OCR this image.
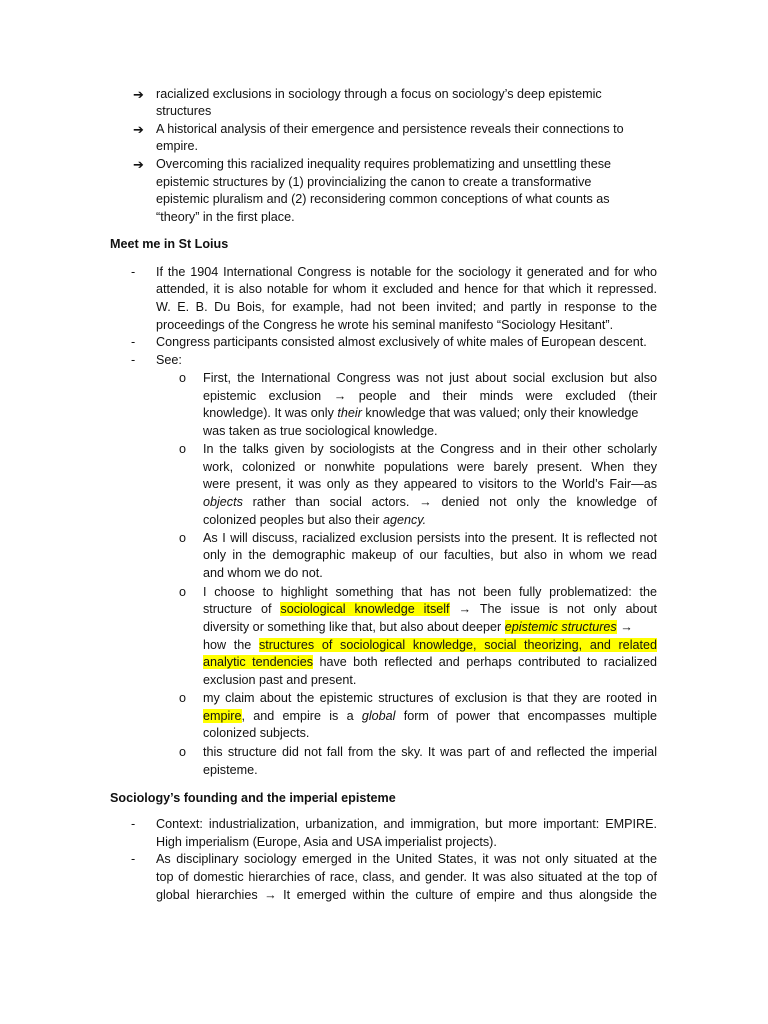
➔ racialized exclusions in sociology through a focus on sociology’s deep epistemic
structures
➔ A historical analysis of their emergence and persistence reveals their connections to
empire.
➔ Overcoming this racialized inequality requires problematizing and unsettling these
epistemic structures by (1) provincializing the canon to create a transformative
epistemic pluralism and (2) reconsidering common conceptions of what counts as
“theory” in the first place.
Meet me in St Loius
- If the 1904 International Congress is notable for the sociology it generated and for who
attended, it is also notable for whom it excluded and hence for that which it repressed.
W. E. B. Du Bois, for example, had not been invited; and partly in response to the
proceedings of the Congress he wrote his seminal manifesto “Sociology Hesitant”.
- Congress participants consisted almost exclusively of white males of European descent.
- See:
o First, the International Congress was not just about social exclusion but also
epistemic exclusion → people and their minds were excluded (their
knowledge). It was only their knowledge that was valued; only their knowledge
was taken as true sociological knowledge.
o In the talks given by sociologists at the Congress and in their other scholarly
work, colonized or nonwhite populations were barely present. When they
were present, it was only as they appeared to visitors to the World’s Fair—as
objects rather than social actors. → denied not only the knowledge of
colonized peoples but also their agency.
o As I will discuss, racialized exclusion persists into the present. It is reflected not
only in the demographic makeup of our faculties, but also in whom we read
and whom we do not.
o I choose to highlight something that has not been fully problematized: the
structure of sociological knowledge itself → The issue is not only about
diversity or something like that, but also about deeper epistemic structures →
how the structures of sociological knowledge, social theorizing, and related
analytic tendencies have both reflected and perhaps contributed to racialized
exclusion past and present.
o my claim about the epistemic structures of exclusion is that they are rooted in
empire, and empire is a global form of power that encompasses multiple
colonized subjects.
o this structure did not fall from the sky. It was part of and reflected the imperial
episteme.
Sociology’s founding and the imperial episteme
- Context: industrialization, urbanization, and immigration, but more important: EMPIRE.
High imperialism (Europe, Asia and USA imperialist projects).
- As disciplinary sociology emerged in the United States, it was not only situated at the
top of domestic hierarchies of race, class, and gender. It was also situated at the top of
global hierarchies → It emerged within the culture of empire and thus alongside the
